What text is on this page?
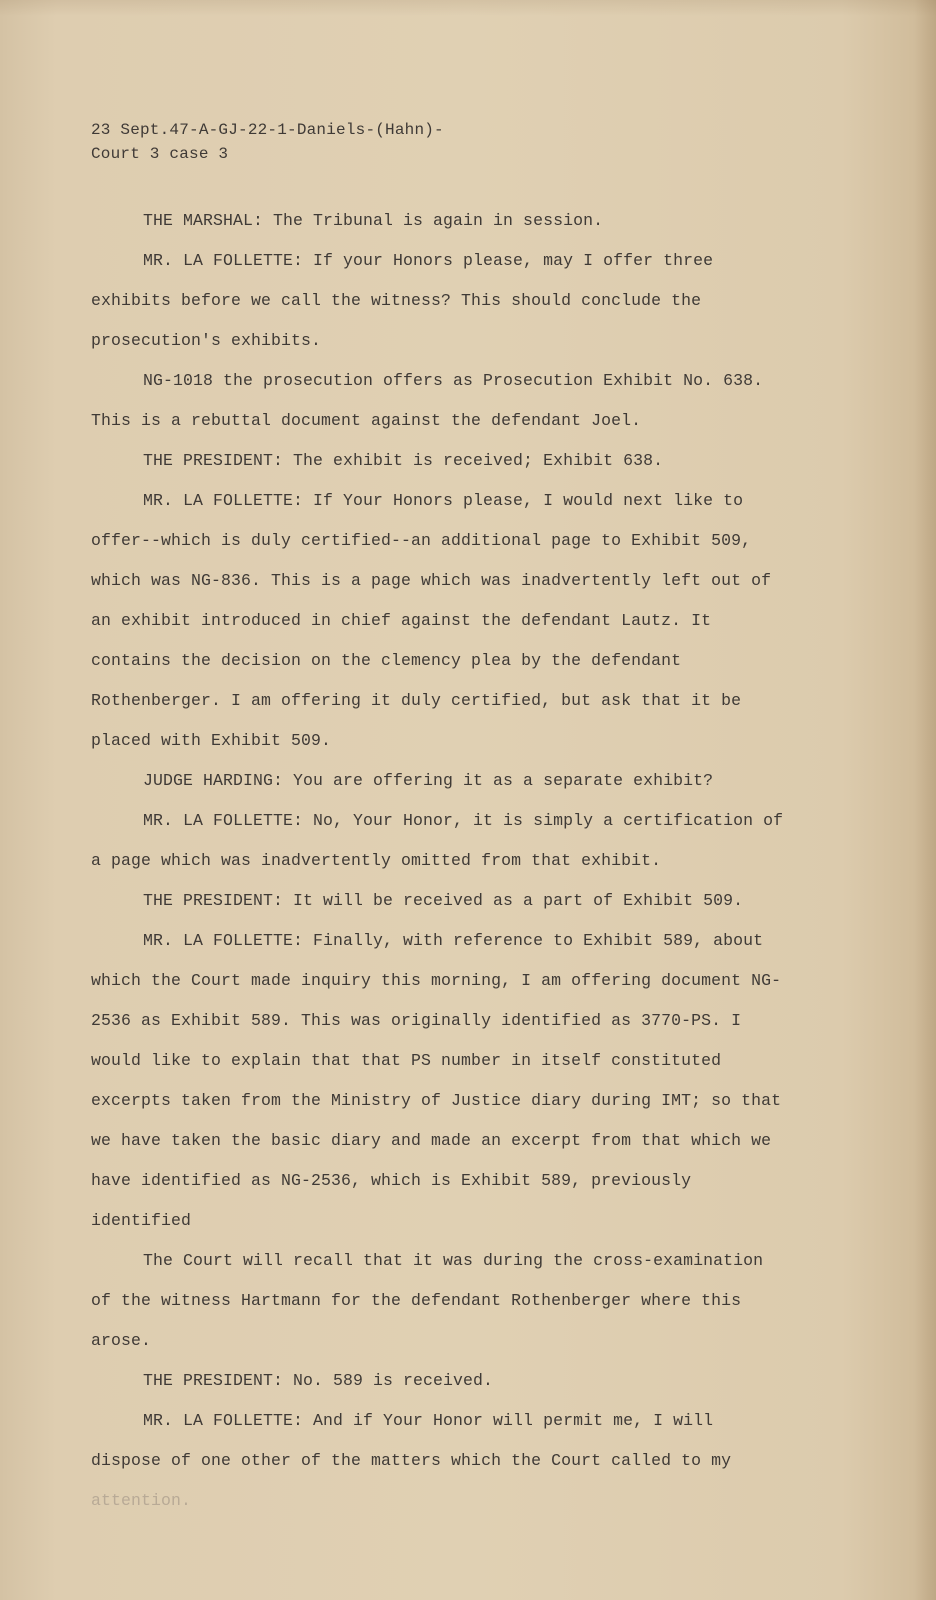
23 Sept.47-A-GJ-22-1-Daniels-(Hahn)-
Court 3 case 3

THE MARSHAL: The Tribunal is again in session.

MR. LA FOLLETTE: If your Honors please, may I offer three exhibits before we call the witness? This should conclude the prosecution's exhibits.

NG-1018 the prosecution offers as Prosecution Exhibit No. 638. This is a rebuttal document against the defendant Joel.

THE PRESIDENT: The exhibit is received; Exhibit 638.

MR. LA FOLLETTE: If Your Honors please, I would next like to offer--which is duly certified--an additional page to Exhibit 509, which was NG-836. This is a page which was inadvertently left out of an exhibit introduced in chief against the defendant Lautz. It contains the decision on the clemency plea by the defendant Rothenberger. I am offering it duly certified, but ask that it be placed with Exhibit 509.

JUDGE HARDING: You are offering it as a separate exhibit?

MR. LA FOLLETTE: No, Your Honor, it is simply a certification of a page which was inadvertently omitted from that exhibit.

THE PRESIDENT: It will be received as a part of Exhibit 509.

MR. LA FOLLETTE: Finally, with reference to Exhibit 589, about which the Court made inquiry this morning, I am offering document NG-2536 as Exhibit 589. This was originally identified as 3770-PS. I would like to explain that that PS number in itself constituted excerpts taken from the Ministry of Justice diary during IMT; so that we have taken the basic diary and made an excerpt from that which we have identified as NG-2536, which is Exhibit 589, previously identified

The Court will recall that it was during the cross-examination of the witness Hartmann for the defendant Rothenberger where this arose.

THE PRESIDENT: No. 589 is received.

MR. LA FOLLETTE: And if Your Honor will permit me, I will dispose of one other of the matters which the Court called to my

attention.
